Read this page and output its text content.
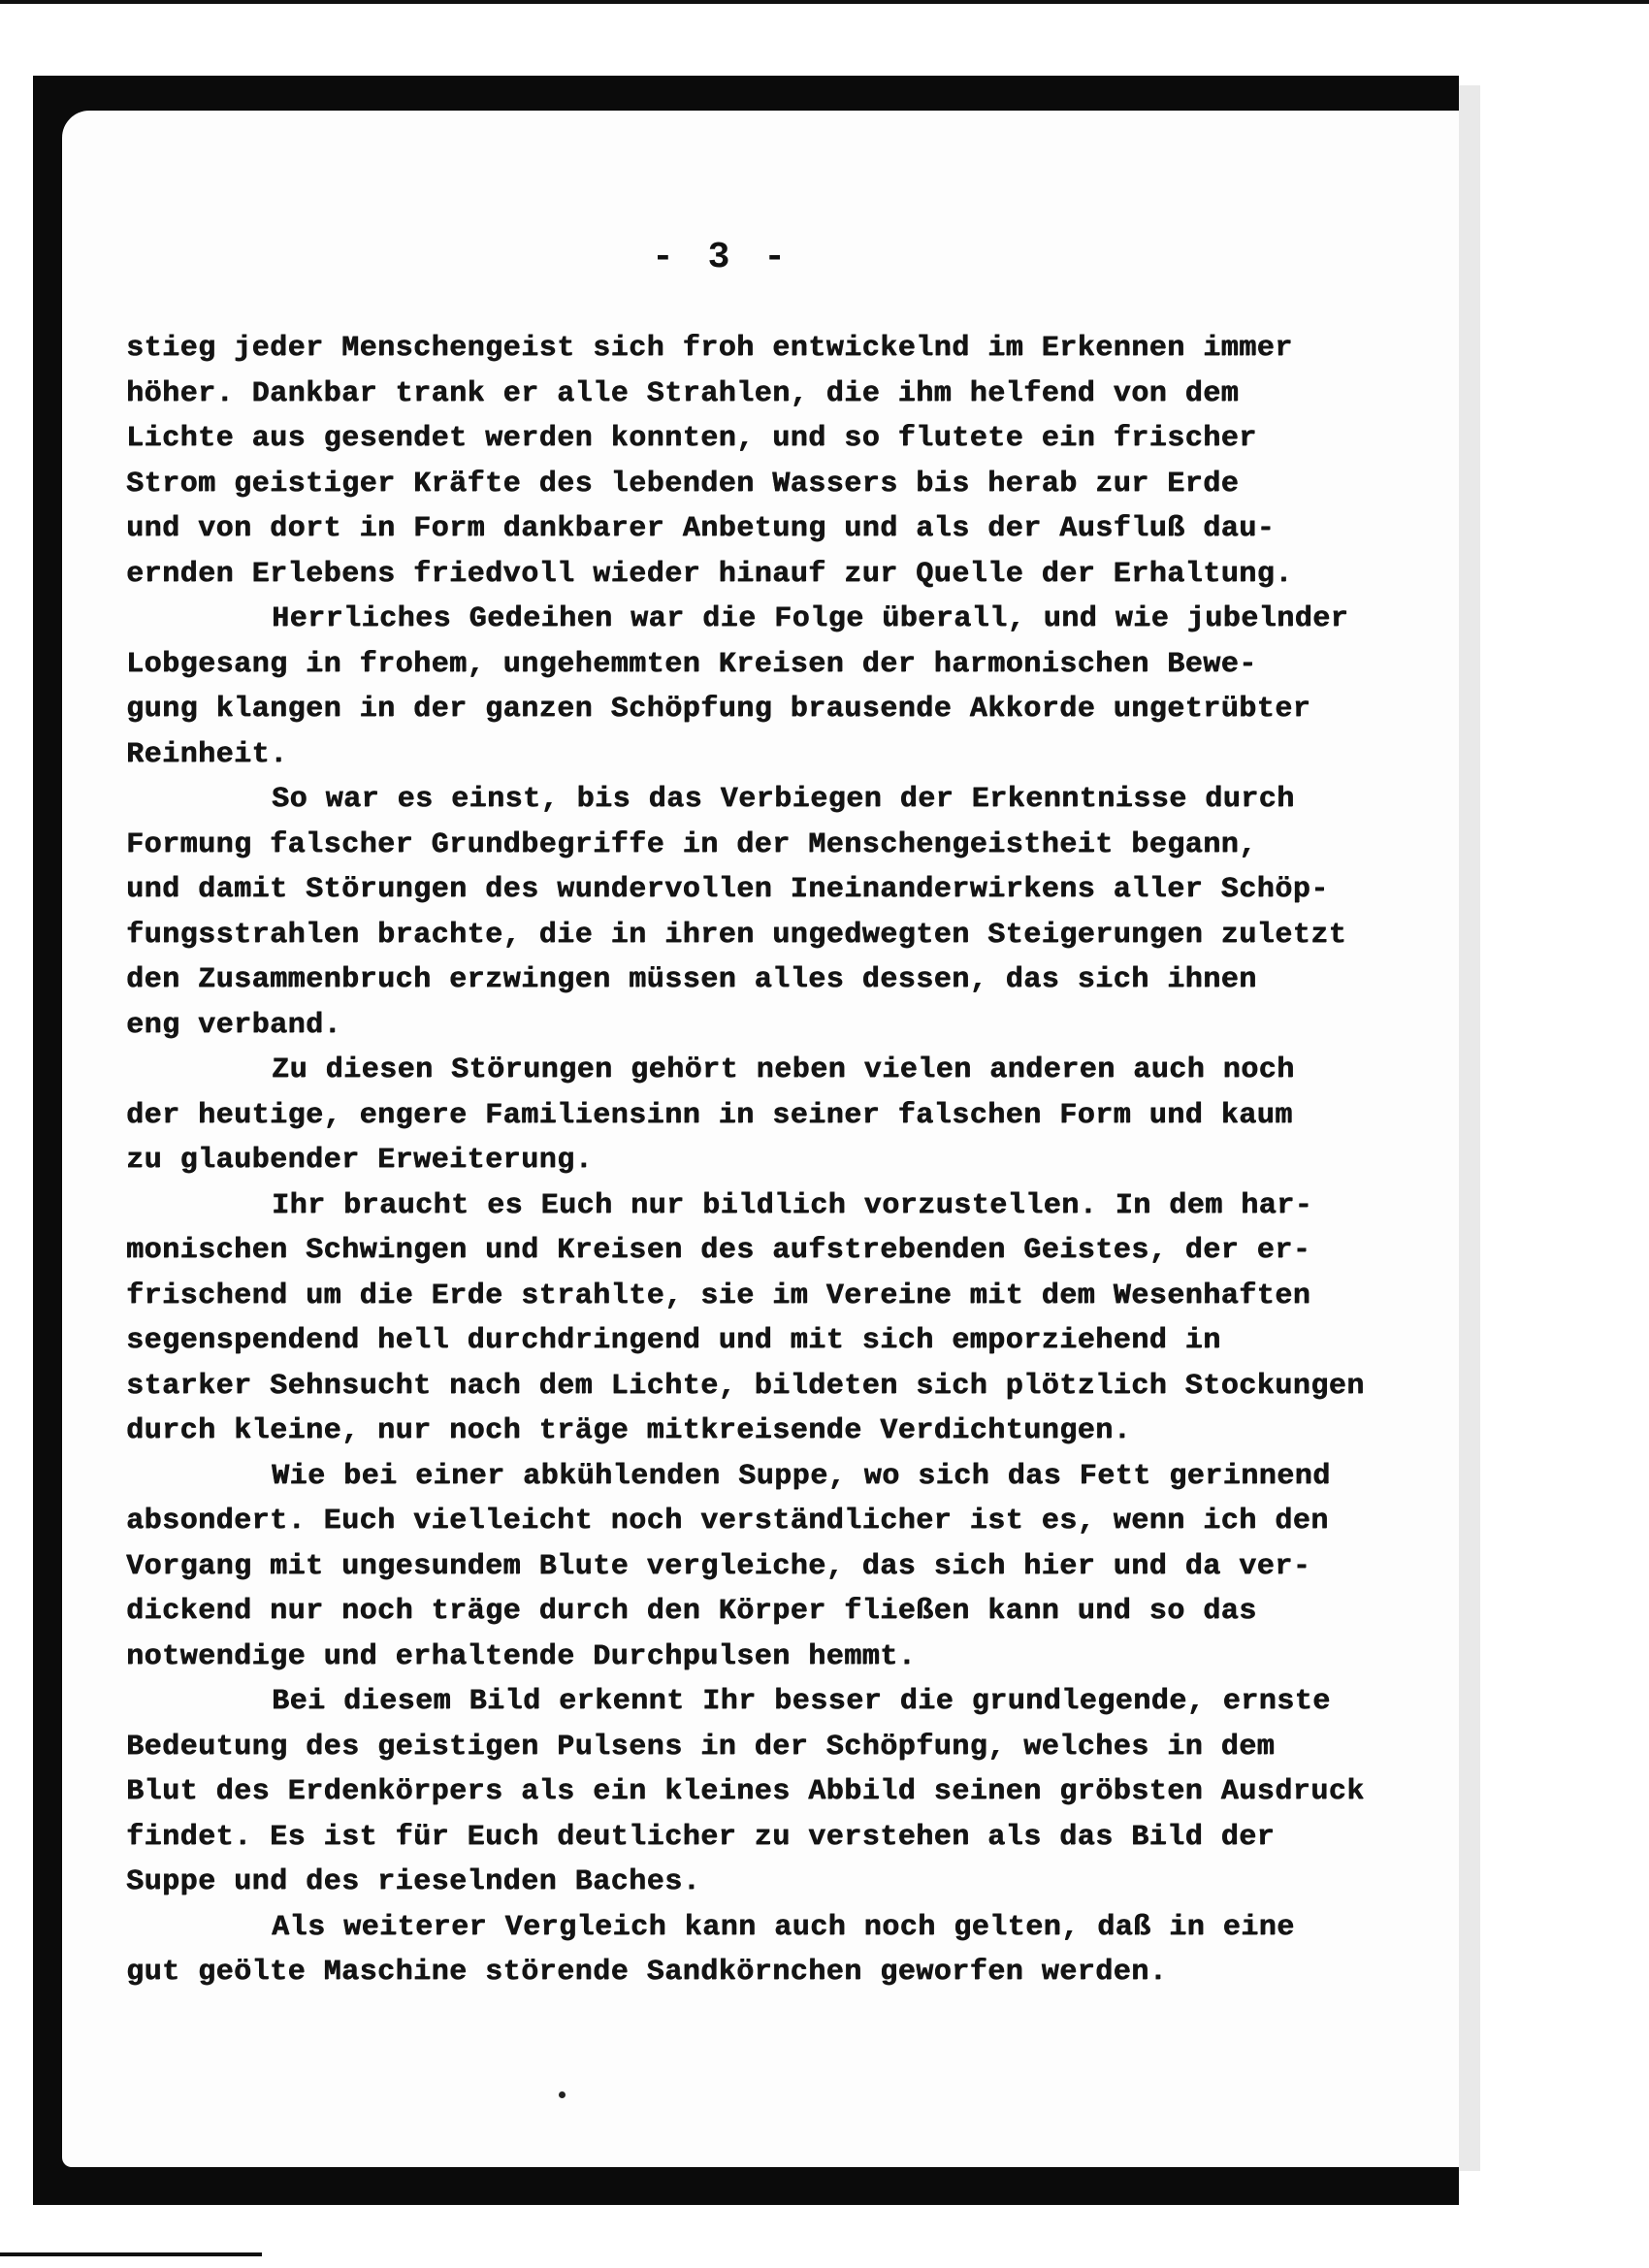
- 3 -
stieg jeder Menschengeist sich froh entwickelnd im Erkennen immer
höher. Dankbar trank er alle Strahlen, die ihm helfend von dem
Lichte aus gesendet werden konnten, und so flutete ein frischer
Strom geistiger Kräfte des lebenden Wassers bis herab zur Erde
und von dort in Form dankbarer Anbetung und als der Ausfluß dau-
ernden Erlebens friedvoll wieder hinauf zur Quelle der Erhaltung.
Herrliches Gedeihen war die Folge überall, und wie jubelnder
Lobgesang in frohem, ungehemmten Kreisen der harmonischen Bewe-
gung klangen in der ganzen Schöpfung brausende Akkorde ungetrübter
Reinheit.
So war es einst, bis das Verbiegen der Erkenntnisse durch
Formung falscher Grundbegriffe in der Menschengeistheit begann,
und damit Störungen des wundervollen Ineinanderwirkens aller Schöp-
fungsstrahlen brachte, die in ihren ungedwegten Steigerungen zuletzt
den Zusammenbruch erzwingen müssen alles dessen, das sich ihnen
eng verband.
Zu diesen Störungen gehört neben vielen anderen auch noch
der heutige, engere Familiensinn in seiner falschen Form und kaum
zu glaubender Erweiterung.
Ihr braucht es Euch nur bildlich vorzustellen. In dem har-
monischen Schwingen und Kreisen des aufstrebenden Geistes, der er-
frischend um die Erde strahlte, sie im Vereine mit dem Wesenhaften
segenspendend hell durchdringend und mit sich emporziehend in
starker Sehnsucht nach dem Lichte, bildeten sich plötzlich Stockungen
durch kleine, nur noch träge mitkreisende Verdichtungen.
Wie bei einer abkühlenden Suppe, wo sich das Fett gerinnend
absondert. Euch vielleicht noch verständlicher ist es, wenn ich den
Vorgang mit ungesundem Blute vergleiche, das sich hier und da ver-
dickend nur noch träge durch den Körper fließen kann und so das
notwendige und erhaltende Durchpulsen hemmt.
Bei diesem Bild erkennt Ihr besser die grundlegende, ernste
Bedeutung des geistigen Pulsens in der Schöpfung, welches in dem
Blut des Erdenkörpers als ein kleines Abbild seinen gröbsten Ausdruck
findet. Es ist für Euch deutlicher zu verstehen als das Bild der
Suppe und des rieselnden Baches.
Als weiterer Vergleich kann auch noch gelten, daß in eine
gut geölte Maschine störende Sandkörnchen geworfen werden.
